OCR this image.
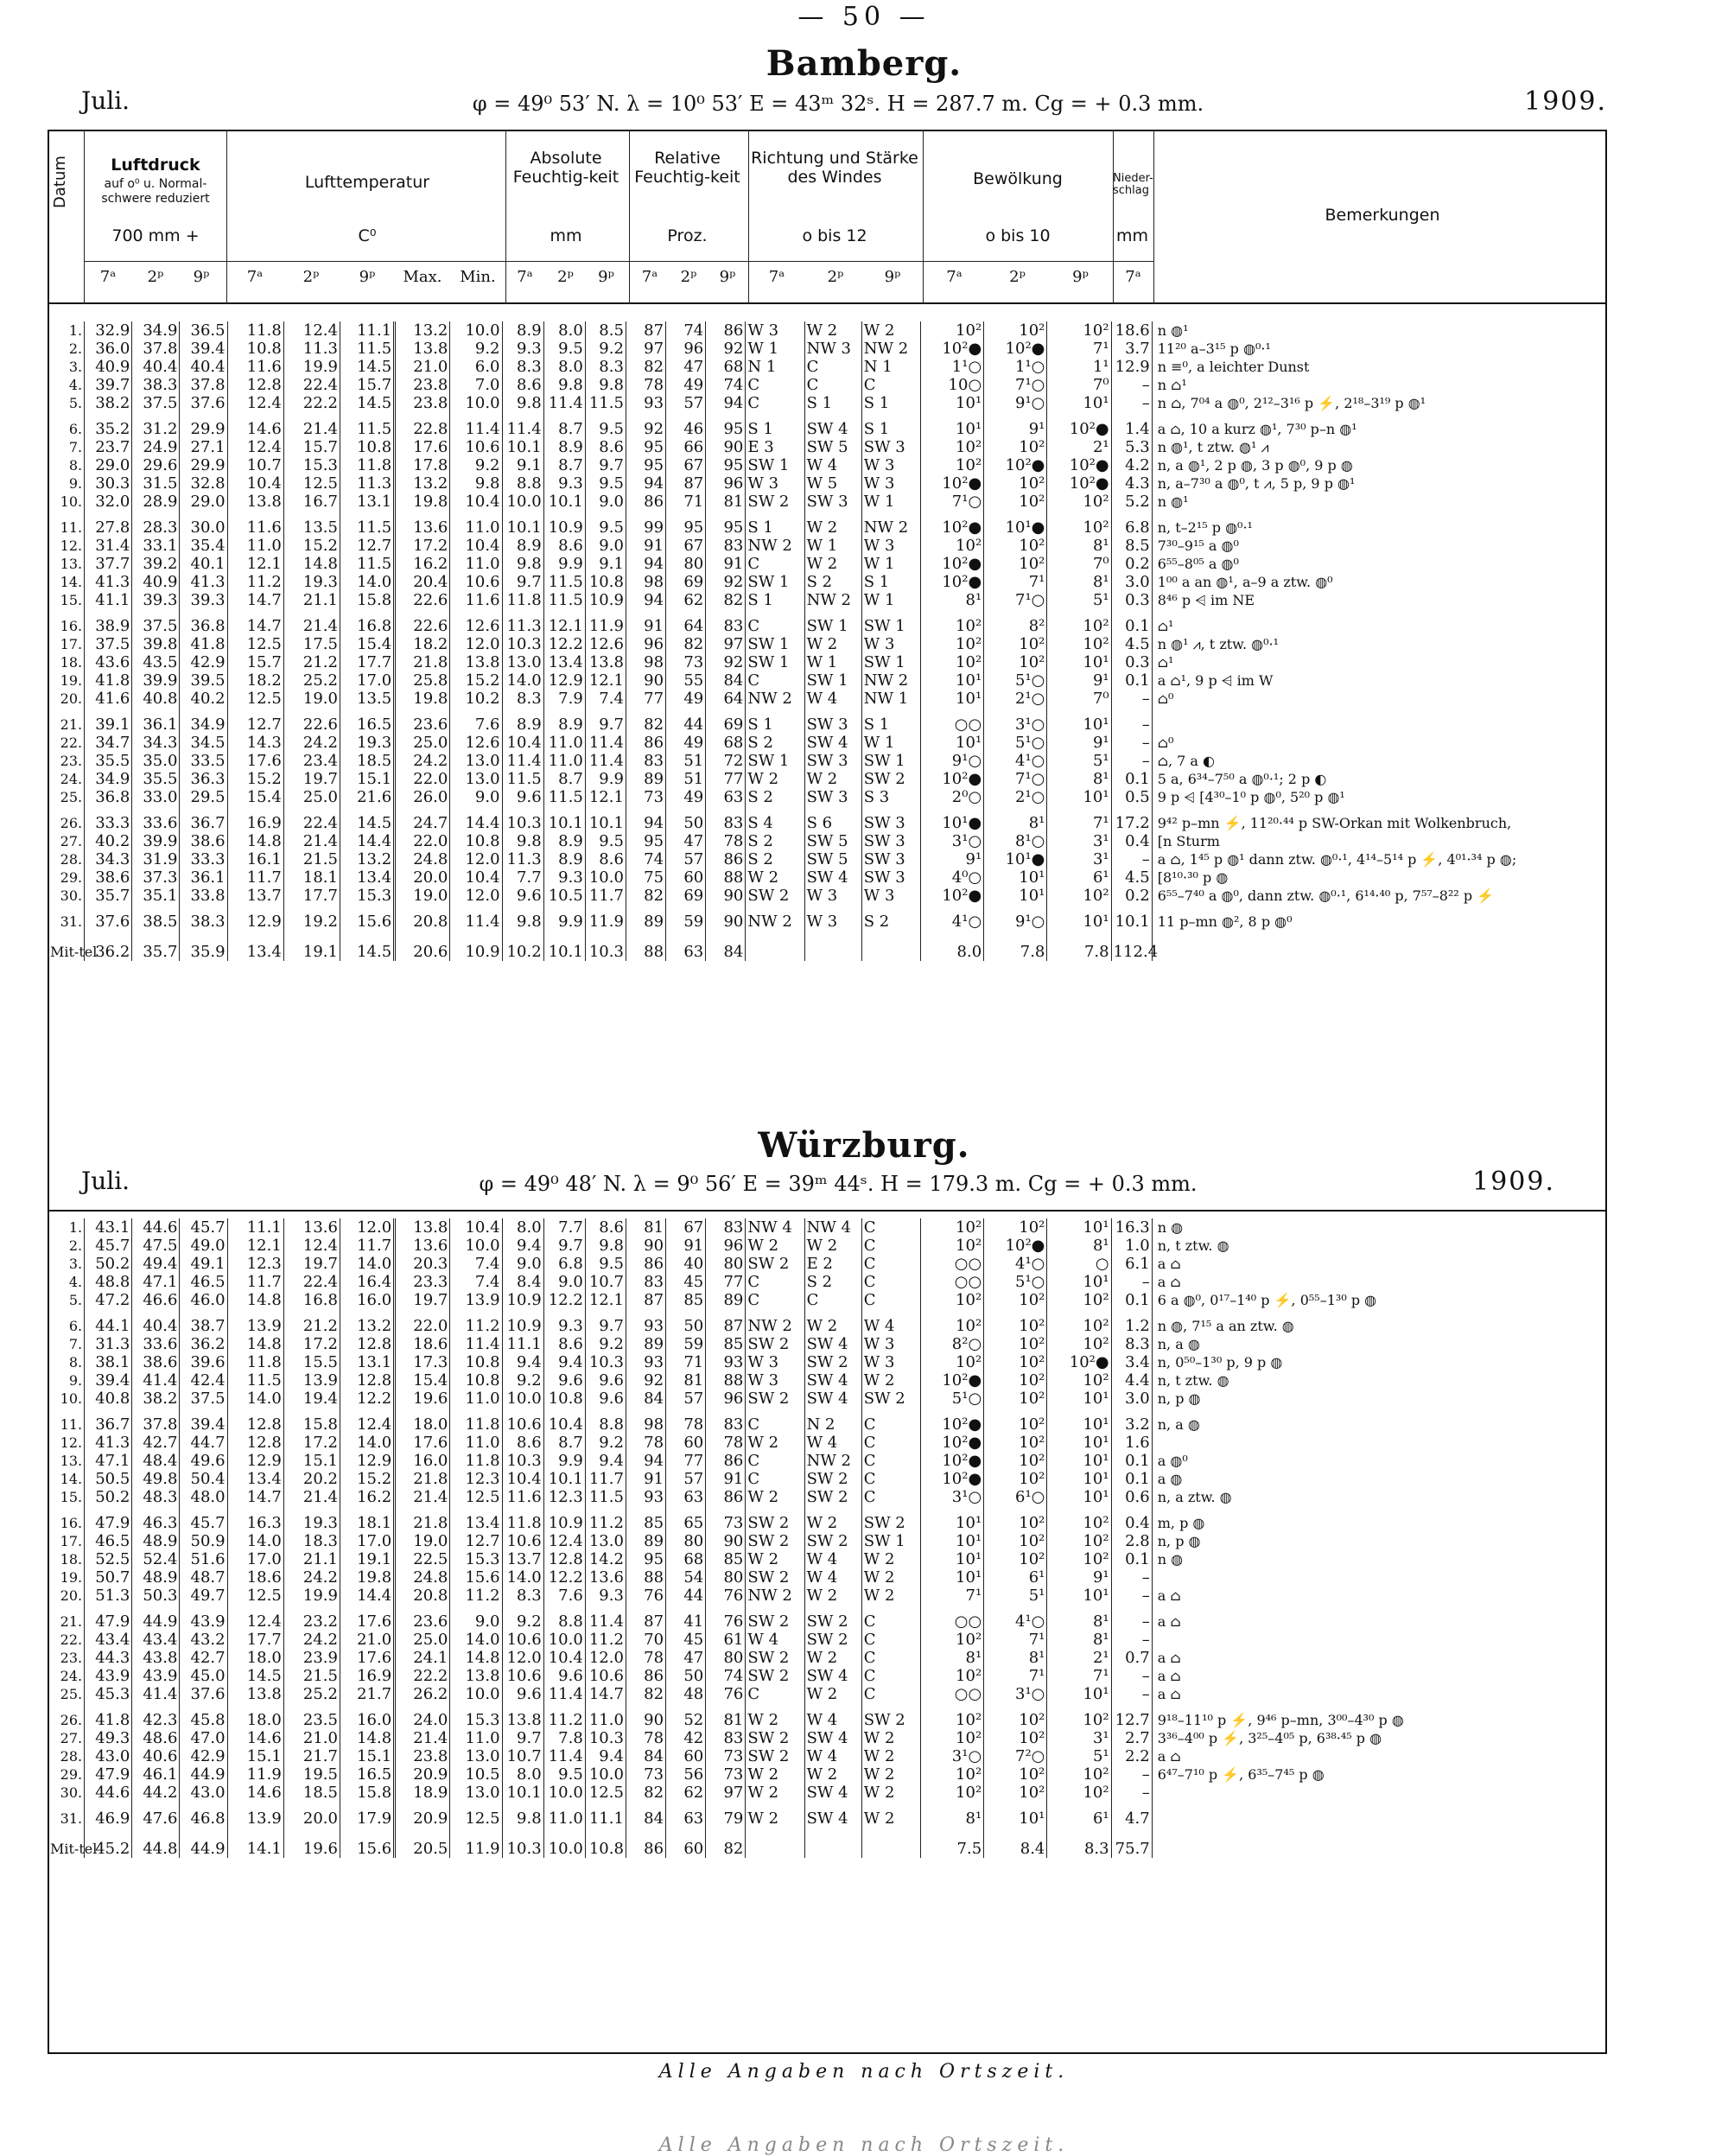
— 50 —
Bamberg.
Juli.	φ = 49⁰ 53′ N. λ = 10⁰ 53′ E = 43ᵐ 32ˢ. H = 287.7 m. Cg = + 0.3 mm.	1909.
Datum	Luftdruck
auf o⁰ u. Normal-schwere reduziert
700 mm +
Lufttemperatur
C⁰
Absolute Feuchtig-keit
mm
Relative Feuchtig-keit
Proz.
Richtung und Stärke des Windes
o bis 12
Bewölkung
o bis 10
Nieder-schlag
mm
Bemerkungen
7ᵃ	2ᵖ	9ᵖ	7ᵃ	2ᵖ	9ᵖ	Max.	Min.	7ᵃ	2ᵖ	9ᵖ	7ᵃ	2ᵖ	9ᵖ	7ᵃ	2ᵖ	9ᵖ	7ᵃ	2ᵖ	9ᵖ	7ᵃ
1.	32.9	34.9	36.5	11.8	12.4	11.1	13.2	10.0	8.9	8.0	8.5	87	74	86	W 3	W 2	W 2	10²	10²	10²	18.6	n ◍¹
2.	36.0	37.8	39.4	10.8	11.3	11.5	13.8	9.2	9.3	9.5	9.2	97	96	92	W 1	NW 3	NW 2	10²●	10²●	7¹	3.7	11²⁰ a–3¹⁵ p ◍⁰·¹
3.	40.9	40.4	40.4	11.6	19.9	14.5	21.0	6.0	8.3	8.0	8.3	82	47	68	N 1	C	N 1	1¹○	1¹○	1¹	12.9	n ≡⁰, a leichter Dunst
4.	39.7	38.3	37.8	12.8	22.4	15.7	23.8	7.0	8.6	9.8	9.8	78	49	74	C	C	C	10○	7¹○	7⁰	–	n ⌂¹
5.	38.2	37.5	37.6	12.4	22.2	14.5	23.8	10.0	9.8	11.4	11.5	93	57	94	C	S 1	S 1	10¹	9¹○	10¹	–	n ⌂, 7⁰⁴ a ◍⁰, 2¹²–3¹⁶ p ⚡, 2¹⁸–3¹⁹ p ◍¹
6.	35.2	31.2	29.9	14.6	21.4	11.5	22.8	11.4	11.4	8.7	9.5	92	46	95	S 1	SW 4	S 1	10¹	9¹	10²●	1.4	a ⌂, 10 a kurz ◍¹, 7³⁰ p–n ◍¹
7.	23.7	24.9	27.1	12.4	15.7	10.8	17.6	10.6	10.1	8.9	8.6	95	66	90	E 3	SW 5	SW 3	10²	10²	2¹	5.3	n ◍¹, t ztw. ◍¹ ⩘
8.	29.0	29.6	29.9	10.7	15.3	11.8	17.8	9.2	9.1	8.7	9.7	95	67	95	SW 1	W 4	W 3	10²	10²●	10²●	4.2	n, a ◍¹, 2 p ◍, 3 p ◍⁰, 9 p ◍
9.	30.3	31.5	32.8	10.4	12.5	11.3	13.2	9.8	8.8	9.3	9.5	94	87	96	W 3	W 5	W 3	10²●	10²	10²●	4.3	n, a–7³⁰ a ◍⁰, t ⩘, 5 p, 9 p ◍¹
10.	32.0	28.9	29.0	13.8	16.7	13.1	19.8	10.4	10.0	10.1	9.0	86	71	81	SW 2	SW 3	W 1	7¹○	10²	10²	5.2	n ◍¹
11.	27.8	28.3	30.0	11.6	13.5	11.5	13.6	11.0	10.1	10.9	9.5	99	95	95	S 1	W 2	NW 2	10²●	10¹●	10²	6.8	n, t–2¹⁵ p ◍⁰·¹
12.	31.4	33.1	35.4	11.0	15.2	12.7	17.2	10.4	8.9	8.6	9.0	91	67	83	NW 2	W 1	W 3	10²	10²	8¹	8.5	7³⁰–9¹⁵ a ◍⁰
13.	37.7	39.2	40.1	12.1	14.8	11.5	16.2	11.0	9.8	9.9	9.1	94	80	91	C	W 2	W 1	10²●	10²	7⁰	0.2	6⁵⁵–8⁰⁵ a ◍⁰
14.	41.3	40.9	41.3	11.2	19.3	14.0	20.4	10.6	9.7	11.5	10.8	98	69	92	SW 1	S 2	S 1	10²●	7¹	8¹	3.0	1⁰⁰ a an ◍¹, a–9 a ztw. ◍⁰
15.	41.1	39.3	39.3	14.7	21.1	15.8	22.6	11.6	11.8	11.5	10.9	94	62	82	S 1	NW 2	W 1	8¹	7¹○	5¹	0.3	8⁴⁶ p ⩤ im NE
16.	38.9	37.5	36.8	14.7	21.4	16.8	22.6	12.6	11.3	12.1	11.9	91	64	83	C	SW 1	SW 1	10²	8²	10²	0.1	⌂¹
17.	37.5	39.8	41.8	12.5	17.5	15.4	18.2	12.0	10.3	12.2	12.6	96	82	97	SW 1	W 2	W 3	10²	10²	10²	4.5	n ◍¹ ⩘, t ztw. ◍⁰·¹
18.	43.6	43.5	42.9	15.7	21.2	17.7	21.8	13.8	13.0	13.4	13.8	98	73	92	SW 1	W 1	SW 1	10²	10²	10¹	0.3	⌂¹
19.	41.8	39.9	39.5	18.2	25.2	17.0	25.8	15.2	14.0	12.9	12.1	90	55	84	C	SW 1	NW 2	10¹	5¹○	9¹	0.1	a ⌂¹, 9 p ⩤ im W
20.	41.6	40.8	40.2	12.5	19.0	13.5	19.8	10.2	8.3	7.9	7.4	77	49	64	NW 2	W 4	NW 1	10¹	2¹○	7⁰	–	⌂⁰
21.	39.1	36.1	34.9	12.7	22.6	16.5	23.6	7.6	8.9	8.9	9.7	82	44	69	S 1	SW 3	S 1	○○	3¹○	10¹	–	
22.	34.7	34.3	34.5	14.3	24.2	19.3	25.0	12.6	10.4	11.0	11.4	86	49	68	S 2	SW 4	W 1	10¹	5¹○	9¹	–	⌂⁰
23.	35.5	35.0	33.5	17.6	23.4	18.5	24.2	13.0	11.4	11.0	11.4	83	51	72	SW 1	SW 3	SW 1	9¹○	4¹○	5¹	–	⌂, 7 a ◐
24.	34.9	35.5	36.3	15.2	19.7	15.1	22.0	13.0	11.5	8.7	9.9	89	51	77	W 2	W 2	SW 2	10²●	7¹○	8¹	0.1	5 a, 6³⁴–7⁵⁰ a ◍⁰·¹; 2 p ◐
25.	36.8	33.0	29.5	15.4	25.0	21.6	26.0	9.0	9.6	11.5	12.1	73	49	63	S 2	SW 3	S 3	2⁰○	2¹○	10¹	0.5	9 p ⩤ [4³⁰–1⁰ p ◍⁰, 5²⁰ p ◍¹
26.	33.3	33.6	36.7	16.9	22.4	14.5	24.7	14.4	10.3	10.1	10.1	94	50	83	S 4	S 6	SW 3	10¹●	8¹	7¹	17.2	9⁴² p–mn ⚡, 11²⁰·⁴⁴ p SW-Orkan mit Wolkenbruch,
27.	40.2	39.9	38.6	14.8	21.4	14.4	22.0	10.8	9.8	8.9	9.5	95	47	78	S 2	SW 5	SW 3	3¹○	8¹○	3¹	0.4	[n Sturm
28.	34.3	31.9	33.3	16.1	21.5	13.2	24.8	12.0	11.3	8.9	8.6	74	57	86	S 2	SW 5	SW 3	9¹	10¹●	3¹	–	a ⌂, 1⁴⁵ p ◍¹ dann ztw. ◍⁰·¹, 4¹⁴–5¹⁴ p ⚡, 4⁰¹·³⁴ p ◍;
29.	38.6	37.3	36.1	11.7	18.1	13.4	20.0	10.4	7.7	9.3	10.0	75	60	88	W 2	SW 4	SW 3	4⁰○	10¹	6¹	4.5	[8¹⁰·³⁰ p ◍
30.	35.7	35.1	33.8	13.7	17.7	15.3	19.0	12.0	9.6	10.5	11.7	82	69	90	SW 2	W 3	W 3	10²●	10¹	10²	0.2	6⁵⁵–7⁴⁰ a ◍⁰, dann ztw. ◍⁰·¹, 6¹⁴·⁴⁰ p, 7⁵⁷–8²² p ⚡
31.	37.6	38.5	38.3	12.9	19.2	15.6	20.8	11.4	9.8	9.9	11.9	89	59	90	NW 2	W 3	S 2	4¹○	9¹○	10¹	10.1	11 p–mn ◍², 8 p ◍⁰
Mit-tel	36.2	35.7	35.9	13.4	19.1	14.5	20.6	10.9	10.2	10.1	10.3	88	63	84				8.0	7.8	7.8	112.4	
Würzburg.
Juli.	φ = 49⁰ 48′ N. λ = 9⁰ 56′ E = 39ᵐ 44ˢ. H = 179.3 m. Cg = + 0.3 mm.	1909.
1.	43.1	44.6	45.7	11.1	13.6	12.0	13.8	10.4	8.0	7.7	8.6	81	67	83	NW 4	NW 4	C	10²	10²	10¹	16.3	n ◍
2.	45.7	47.5	49.0	12.1	12.4	11.7	13.6	10.0	9.4	9.7	9.8	90	91	96	W 2	W 2	C	10²	10²●	8¹	1.0	n, t ztw. ◍
3.	50.2	49.4	49.1	12.3	19.7	14.0	20.3	7.4	9.0	6.8	9.5	86	40	80	SW 2	E 2	C	○○	4¹○	○	6.1	a ⌂
4.	48.8	47.1	46.5	11.7	22.4	16.4	23.3	7.4	8.4	9.0	10.7	83	45	77	C	S 2	C	○○	5¹○	10¹	–	a ⌂
5.	47.2	46.6	46.0	14.8	16.8	16.0	19.7	13.9	10.9	12.2	12.1	87	85	89	C	C	C	10²	10²	10²	0.1	6 a ◍⁰, 0¹⁷–1⁴⁰ p ⚡, 0⁵⁵–1³⁰ p ◍
6.	44.1	40.4	38.7	13.9	21.2	13.2	22.0	11.2	10.9	9.3	9.7	93	50	87	NW 2	W 2	W 4	10²	10²	10²	1.2	n ◍, 7¹⁵ a an ztw. ◍
7.	31.3	33.6	36.2	14.8	17.2	12.8	18.6	11.4	11.1	8.6	9.2	89	59	85	SW 2	SW 4	W 3	8²○	10²	10²	8.3	n, a ◍
8.	38.1	38.6	39.6	11.8	15.5	13.1	17.3	10.8	9.4	9.4	10.3	93	71	93	W 3	SW 2	W 3	10²	10²	10²●	3.4	n, 0⁵⁰–1³⁰ p, 9 p ◍
9.	39.4	41.4	42.4	11.5	13.9	12.8	15.4	10.8	9.2	9.6	9.6	92	81	88	W 3	SW 4	W 2	10²●	10²	10²	4.4	n, t ztw. ◍
10.	40.8	38.2	37.5	14.0	19.4	12.2	19.6	11.0	10.0	10.8	9.6	84	57	96	SW 2	SW 4	SW 2	5¹○	10²	10¹	3.0	n, p ◍
11.	36.7	37.8	39.4	12.8	15.8	12.4	18.0	11.8	10.6	10.4	8.8	98	78	83	C	N 2	C	10²●	10²	10¹	3.2	n, a ◍
12.	41.3	42.7	44.7	12.8	17.2	14.0	17.6	11.0	8.6	8.7	9.2	78	60	78	W 2	W 4	C	10²●	10²	10¹	1.6	
13.	47.1	48.4	49.6	12.9	15.1	12.9	16.0	11.8	10.3	9.9	9.4	94	77	86	C	NW 2	C	10²●	10²	10¹	0.1	a ◍⁰
14.	50.5	49.8	50.4	13.4	20.2	15.2	21.8	12.3	10.4	10.1	11.7	91	57	91	C	SW 2	C	10²●	10²	10¹	0.1	a ◍
15.	50.2	48.3	48.0	14.7	21.4	16.2	21.4	12.5	11.6	12.3	11.5	93	63	86	W 2	SW 2	C	3¹○	6¹○	10¹	0.6	n, a ztw. ◍
16.	47.9	46.3	45.7	16.3	19.3	18.1	21.8	13.4	11.8	10.9	11.2	85	65	73	SW 2	W 2	SW 2	10¹	10²	10²	0.4	m, p ◍
17.	46.5	48.9	50.9	14.0	18.3	17.0	19.0	12.7	10.6	12.4	13.0	89	80	90	SW 2	SW 2	SW 1	10¹	10²	10²	2.8	n, p ◍
18.	52.5	52.4	51.6	17.0	21.1	19.1	22.5	15.3	13.7	12.8	14.2	95	68	85	W 2	W 4	W 2	10¹	10²	10²	0.1	n ◍
19.	50.7	48.9	48.7	18.6	24.2	19.8	24.8	15.6	14.0	12.2	13.6	88	54	80	SW 2	W 4	W 2	10¹	6¹	9¹	–	
20.	51.3	50.3	49.7	12.5	19.9	14.4	20.8	11.2	8.3	7.6	9.3	76	44	76	NW 2	W 2	W 2	7¹	5¹	10¹	–	a ⌂
21.	47.9	44.9	43.9	12.4	23.2	17.6	23.6	9.0	9.2	8.8	11.4	87	41	76	SW 2	SW 2	C	○○	4¹○	8¹	–	a ⌂
22.	43.4	43.4	43.2	17.7	24.2	21.0	25.0	14.0	10.6	10.0	11.2	70	45	61	W 4	SW 2	C	10²	7¹	8¹	–	
23.	44.3	43.8	42.7	18.0	23.9	17.6	24.1	14.8	12.0	10.4	12.0	78	47	80	SW 2	W 2	C	8¹	8¹	2¹	0.7	a ⌂
24.	43.9	43.9	45.0	14.5	21.5	16.9	22.2	13.8	10.6	9.6	10.6	86	50	74	SW 2	SW 4	C	10²	7¹	7¹	–	a ⌂
25.	45.3	41.4	37.6	13.8	25.2	21.7	26.2	10.0	9.6	11.4	14.7	82	48	76	C	W 2	C	○○	3¹○	10¹	–	a ⌂
26.	41.8	42.3	45.8	18.0	23.5	16.0	24.0	15.3	13.8	11.2	11.0	90	52	81	W 2	W 4	SW 2	10²	10²	10²	12.7	9¹⁸–11¹⁰ p ⚡, 9⁴⁶ p–mn, 3⁰⁰–4³⁰ p ◍
27.	49.3	48.6	47.0	14.6	21.0	14.8	21.4	11.0	9.7	7.8	10.3	78	42	83	SW 2	SW 4	W 2	10²	10²	3¹	2.7	3³⁶–4⁰⁰ p ⚡, 3²⁵–4⁰⁵ p, 6³⁸·⁴⁵ p ◍
28.	43.0	40.6	42.9	15.1	21.7	15.1	23.8	13.0	10.7	11.4	9.4	84	60	73	SW 2	W 4	W 2	3¹○	7²○	5¹	2.2	a ⌂
29.	47.9	46.1	44.9	11.9	19.5	16.5	20.9	10.5	8.0	9.5	10.0	73	56	73	W 2	W 2	W 2	10²	10²	10²	–	6⁴⁷–7¹⁰ p ⚡, 6³⁵–7⁴⁵ p ◍
30.	44.6	44.2	43.0	14.6	18.5	15.8	18.9	13.0	10.1	10.0	12.5	82	62	97	W 2	SW 4	W 2	10²	10²	10²	–	
31.	46.9	47.6	46.8	13.9	20.0	17.9	20.9	12.5	9.8	11.0	11.1	84	63	79	W 2	SW 4	W 2	8¹	10¹	6¹	4.7	
Mit-tel	45.2	44.8	44.9	14.1	19.6	15.6	20.5	11.9	10.3	10.0	10.8	86	60	82				7.5	8.4	8.3	75.7	
Alle Angaben nach Ortszeit.
Alle Angaben nach Ortszeit.
